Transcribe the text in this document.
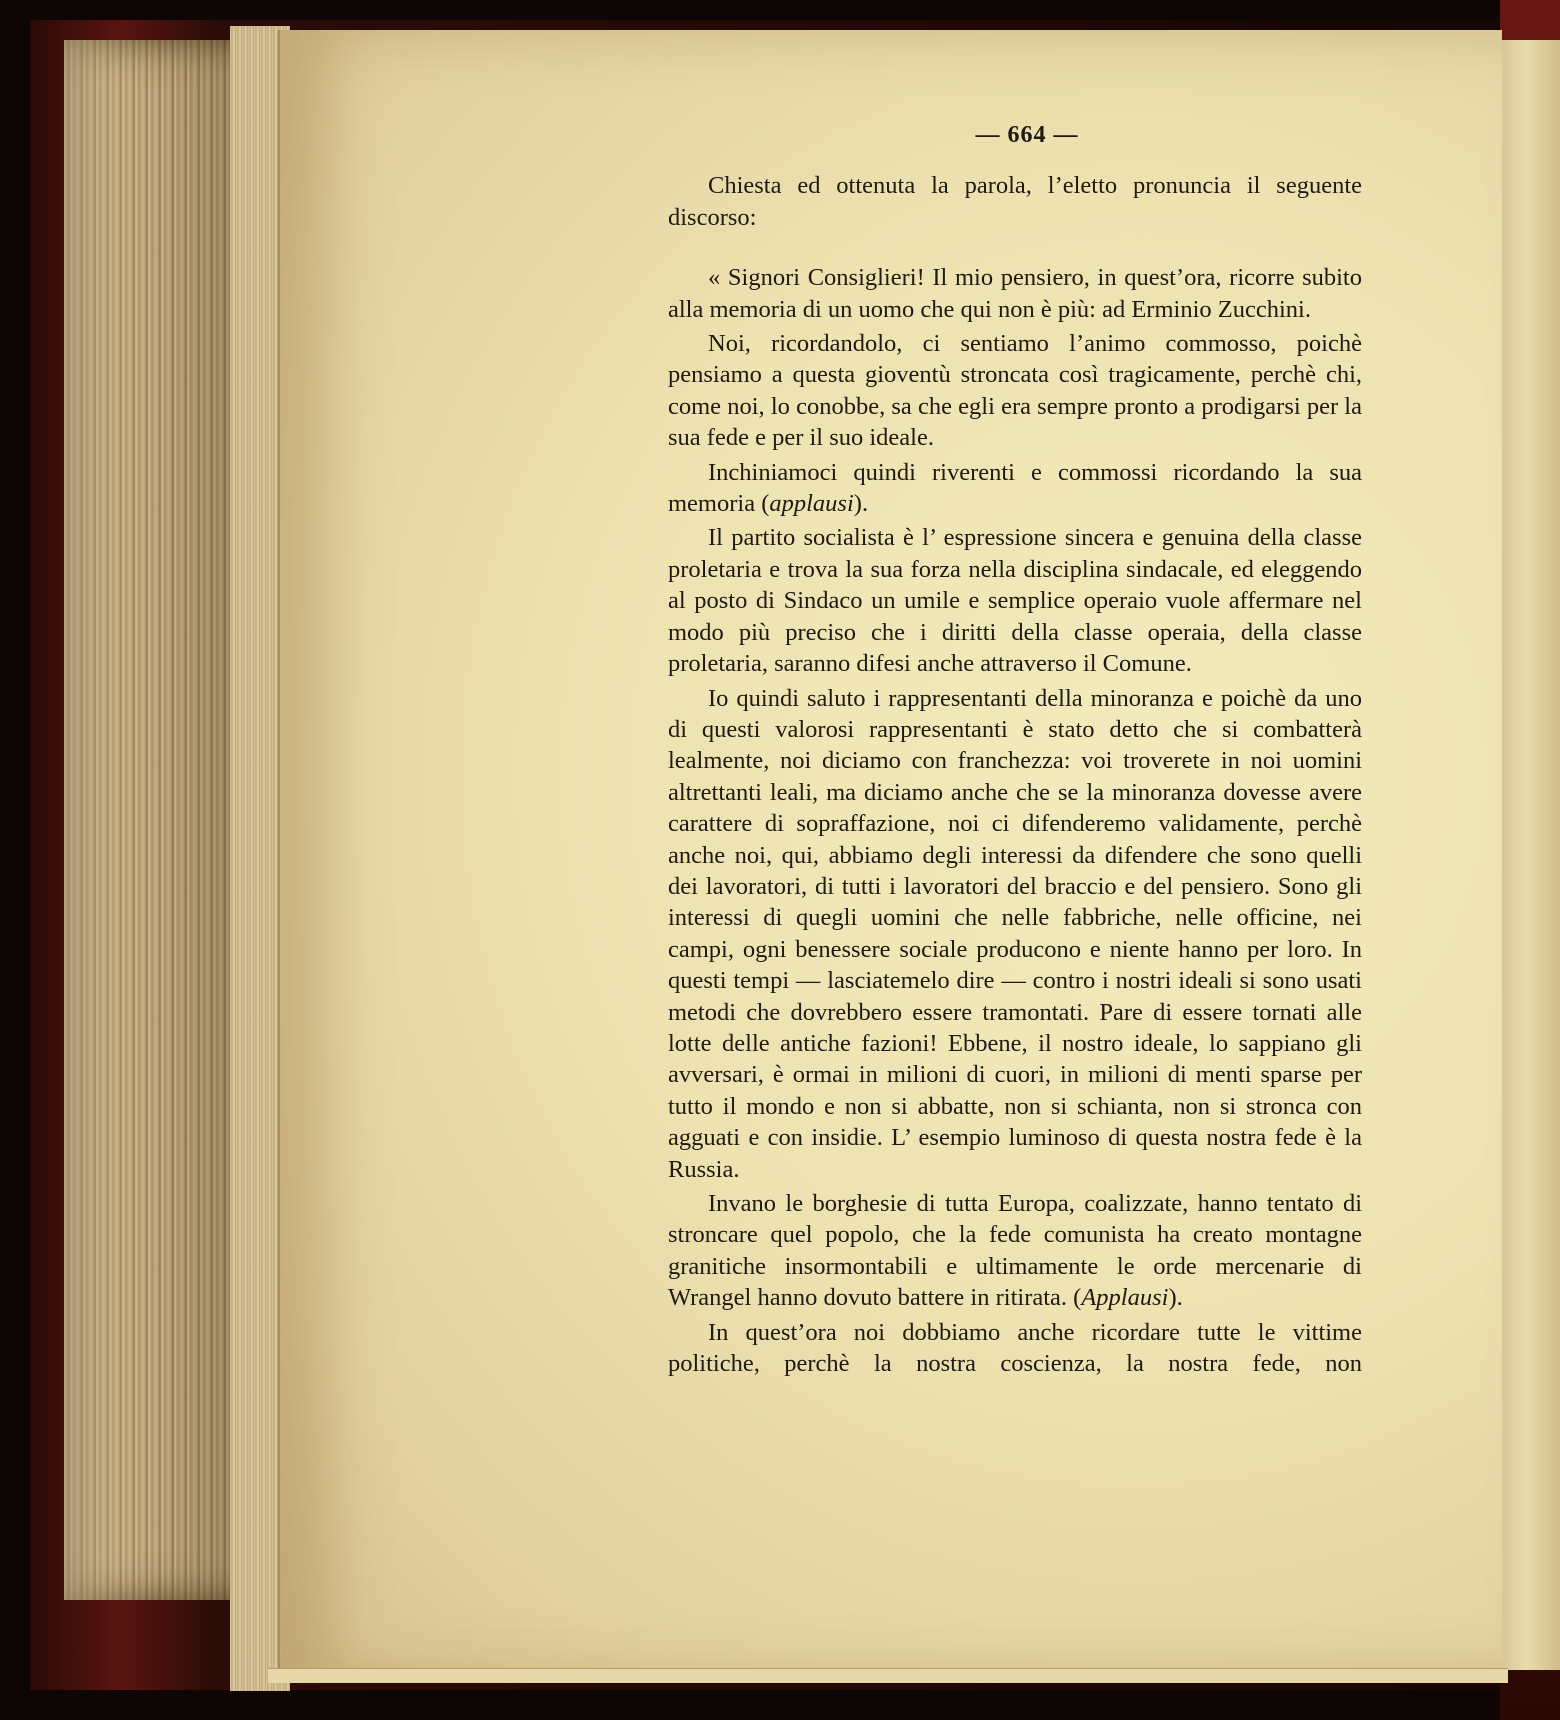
— 664 —

Chiesta ed ottenuta la parola, l’eletto pronuncia il seguente discorso:

« Signori Consiglieri! Il mio pensiero, in quest’ora, ricorre subito alla memoria di un uomo che qui non è più: ad Erminio Zucchini.

Noi, ricordandolo, ci sentiamo l’animo commosso, poichè pensiamo a questa gioventù stroncata così tragicamente, perchè chi, come noi, lo conobbe, sa che egli era sempre pronto a prodigarsi per la sua fede e per il suo ideale.

Inchiniamoci quindi riverenti e commossi ricordando la sua memoria (applausi).

Il partito socialista è l’ espressione sincera e genuina della classe proletaria e trova la sua forza nella disciplina sindacale, ed eleggendo al posto di Sindaco un umile e semplice operaio vuole affermare nel modo più preciso che i diritti della classe operaia, della classe proletaria, saranno difesi anche attraverso il Comune.

Io quindi saluto i rappresentanti della minoranza e poichè da uno di questi valorosi rappresentanti è stato detto che si combatterà lealmente, noi diciamo con franchezza: voi troverete in noi uomini altrettanti leali, ma diciamo anche che se la minoranza dovesse avere carattere di sopraffazione, noi ci difenderemo validamente, perchè anche noi, qui, abbiamo degli interessi da difendere che sono quelli dei lavoratori, di tutti i lavoratori del braccio e del pensiero. Sono gli interessi di quegli uomini che nelle fabbriche, nelle officine, nei campi, ogni benessere sociale producono e niente hanno per loro. In questi tempi — lasciatemelo dire — contro i nostri ideali si sono usati metodi che dovrebbero essere tramontati. Pare di essere tornati alle lotte delle antiche fazioni! Ebbene, il nostro ideale, lo sappiano gli avversari, è ormai in milioni di cuori, in milioni di menti sparse per tutto il mondo e non si abbatte, non si schianta, non si stronca con agguati e con insidie. L’ esempio luminoso di questa nostra fede è la Russia.

Invano le borghesie di tutta Europa, coalizzate, hanno tentato di stroncare quel popolo, che la fede comunista ha creato montagne granitiche insormontabili e ultimamente le orde mercenarie di Wrangel hanno dovuto battere in ritirata. (Applausi).

In quest’ora noi dobbiamo anche ricordare tutte le vittime politiche, perchè la nostra coscienza, la nostra fede, non
